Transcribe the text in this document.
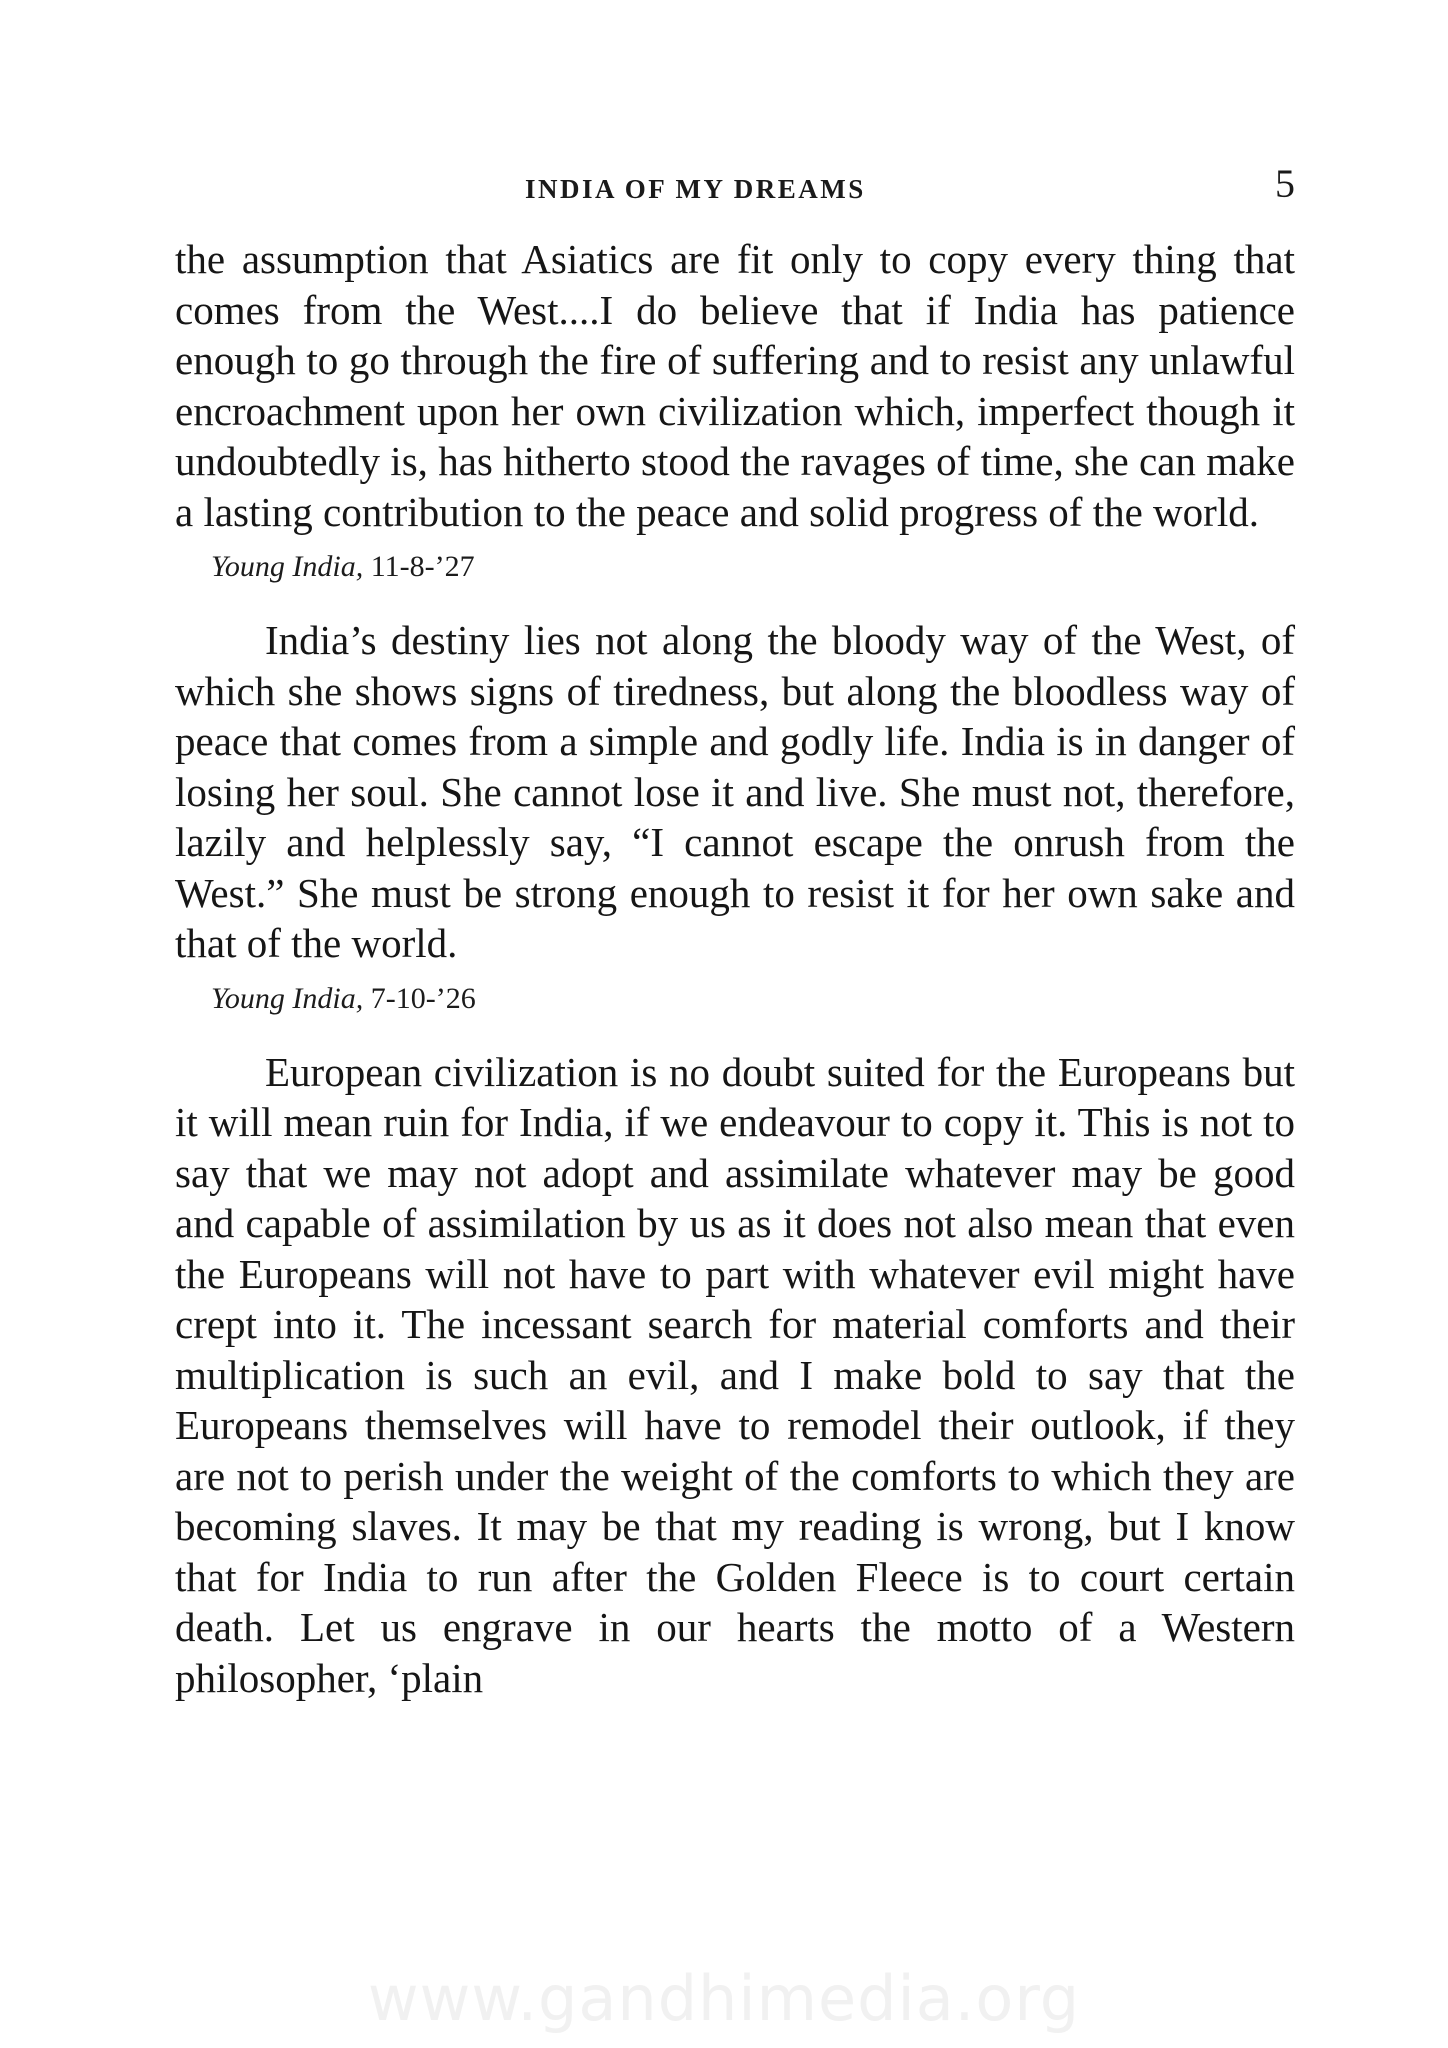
INDIA OF MY DREAMS	5

the assumption that Asiatics are fit only to copy every thing that comes from the West....I do believe that if India has patience enough to go through the fire of suffering and to resist any unlawful encroachment upon her own civilization which, imperfect though it undoubtedly is, has hitherto stood the ravages of time, she can make a lasting contribution to the peace and solid progress of the world.

Young India, 11-8-’27

India’s destiny lies not along the bloody way of the West, of which she shows signs of tiredness, but along the bloodless way of peace that comes from a simple and godly life. India is in danger of losing her soul. She cannot lose it and live. She must not, therefore, lazily and helplessly say, “I cannot escape the onrush from the West.” She must be strong enough to resist it for her own sake and that of the world.

Young India, 7-10-’26

European civilization is no doubt suited for the Europeans but it will mean ruin for India, if we endeavour to copy it. This is not to say that we may not adopt and assimilate whatever may be good and capable of assimilation by us as it does not also mean that even the Europeans will not have to part with whatever evil might have crept into it. The incessant search for material comforts and their multiplication is such an evil, and I make bold to say that the Europeans themselves will have to remodel their outlook, if they are not to perish under the weight of the comforts to which they are becoming slaves. It may be that my reading is wrong, but I know that for India to run after the Golden Fleece is to court certain death. Let us engrave in our hearts the motto of a Western philosopher, ‘plain

www.gandhimedia.org
